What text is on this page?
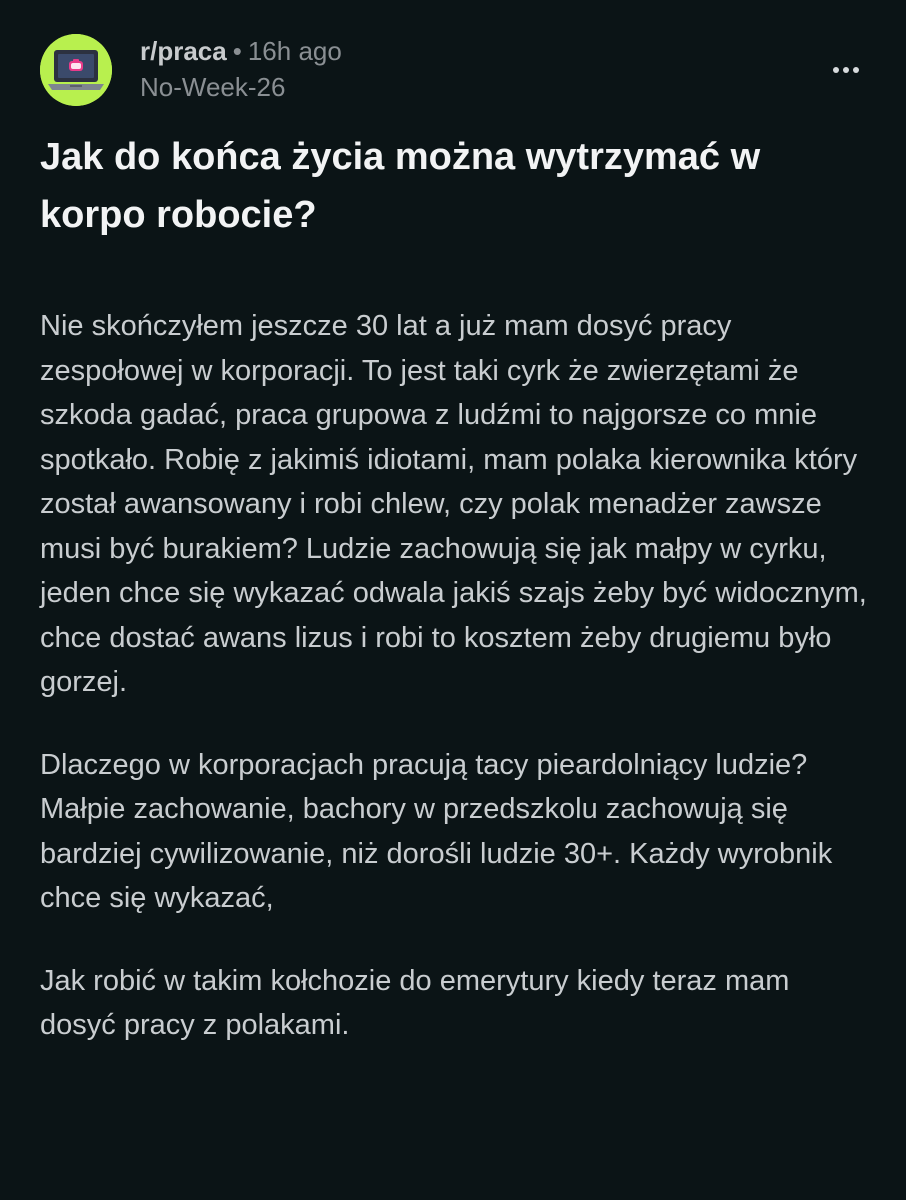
r/praca • 16h ago
No-Week-26
Jak do końca życia można wytrzymać w korpo robocie?

Nie skończyłem jeszcze 30 lat a już mam dosyć pracy zespołowej w korporacji. To jest taki cyrk że zwierzętami że szkoda gadać, praca grupowa z ludźmi to najgorsze co mnie spotkało. Robię z jakimiś idiotami, mam polaka kierownika który został awansowany i robi chlew, czy polak menadżer zawsze musi być burakiem? Ludzie zachowują się jak małpy w cyrku, jeden chce się wykazać odwala jakiś szajs żeby być widocznym, chce dostać awans lizus i robi to kosztem żeby drugiemu było gorzej.

Dlaczego w korporacjach pracują tacy pieardolniący ludzie? Małpie zachowanie, bachory w przedszkolu zachowują się bardziej cywilizowanie, niż dorośli ludzie 30+. Każdy wyrobnik chce się wykazać,

Jak robić w takim kołchozie do emerytury kiedy teraz mam dosyć pracy z polakami.
